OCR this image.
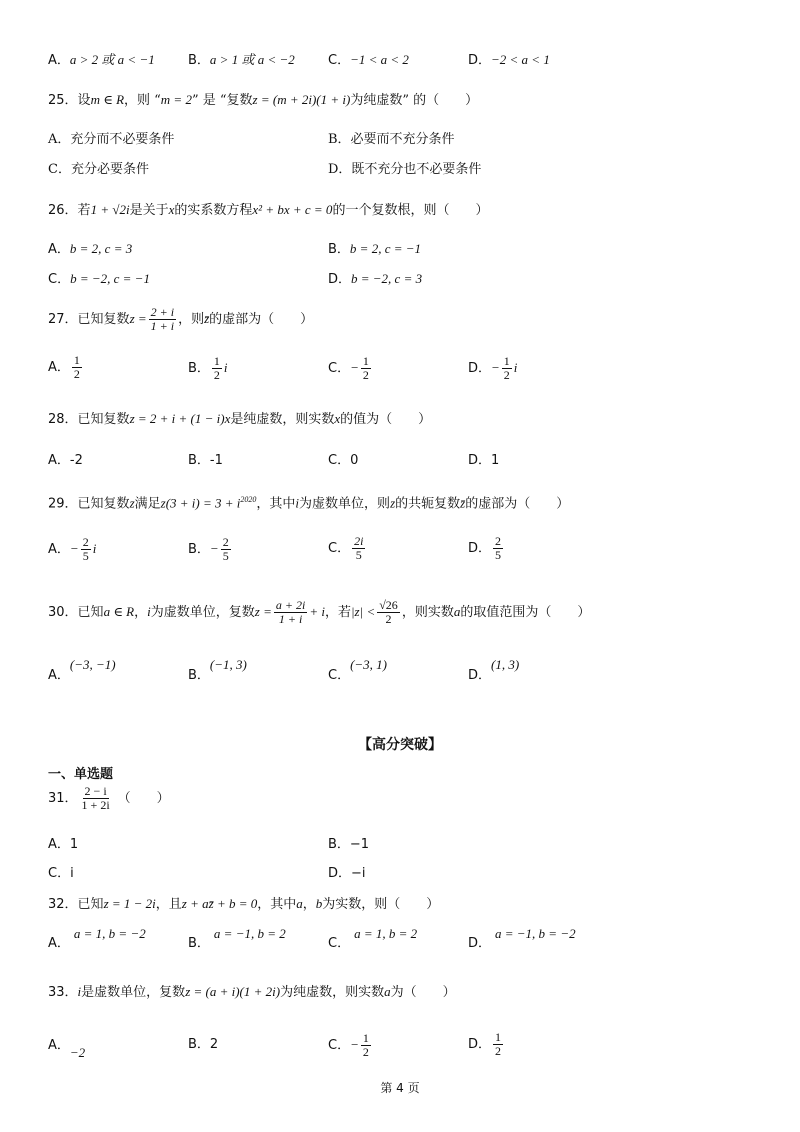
A．a > 2 或 a < −1	B．a > 1 或 a < −2	C．−1 < a < 2	D．−2 < a < 1
25．设m ∈ R，则 “m = 2” 是 “复数z = (m + 2i)(1 + i)为纯虚数” 的（　　）
A．充分而不必要条件	B．必要而不充分条件
C．充分必要条件	D．既不充分也不必要条件
26．若1 + √2i是关于x的实系数方程x² + bx + c = 0的一个复数根，则（　　）
A．b = 2, c = 3	B．b = 2, c = −1
C．b = −2, c = −1	D．b = −2, c = 3
27．已知复数$z = \frac{2 + i}{1 + i}$ ，则z̄的虚部为（　　）
A． $\frac{1}{2}$	B． $\frac{1}{2}$ i	C．− $\frac{1}{2}$	D．− $\frac{1}{2}$ i
28．已知复数z = 2 + i + (1 − i)x是纯虚数，则实数x的值为（　　）
A．-2	B．-1	C．0	D．1
29．已知复数z满足$z(3 + i) = 3 + i^{2020}$，其中i为虚数单位，则z的共轭复数z̄的虚部为（　　）
A．− $\frac{2}{5}$ i	B．− $\frac{2}{5}$	C． $\frac{2i}{5}$	D． $\frac{2}{5}$
30．已知a ∈ R，i为虚数单位，复数$z = \frac{a + 2i}{1 + i} + i$，若$|z| < \frac{√26}{2}$ ，则实数a的取值范围为（　　）
A．(−3, −1)
B．(−1, 3)
C．(−3, 1)
D．(1, 3)
【高分突破】
一、单选题
31． $\frac{2 - i}{1 + 2i}$ （　　）
A．1	B．−1
C．i	D．−i
32．已知z = 1 − 2i，且z + az̄ + b = 0，其中a，b为实数，则（　　）
A．a = 1, b = −2
B．a = −1, b = 2
C．a = 1, b = 2
D．a = −1, b = −2
33．i是虚数单位，复数z = (a + i)(1 + 2i)为纯虚数，则实数a为（　　）
A．−2
B．2	C．− $\frac{1}{2}$	D． $\frac{1}{2}$
第 4 页
